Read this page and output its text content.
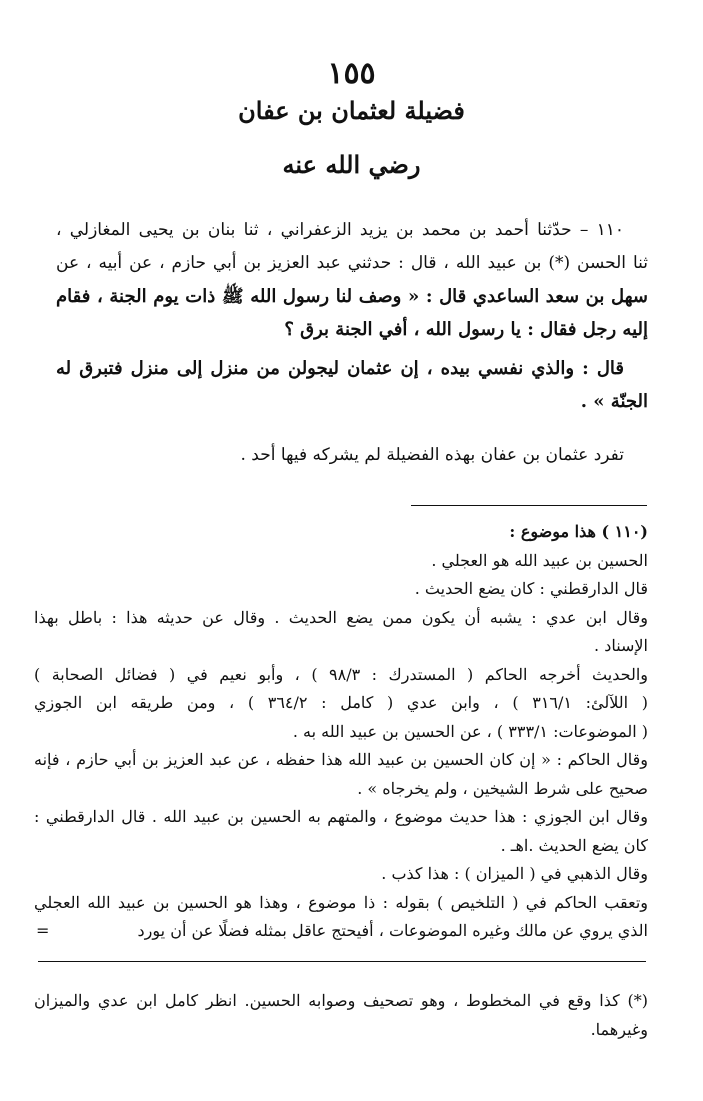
١٥٥
فضيلة لعثمان بن عفان
رضي الله عنه
١١٠ – حدّثنا أحمد بن محمد بن يزيد الزعفراني ، ثنا بنان بن يحيى المغازلي ،
ثنا الحسن (*) بن عبيد الله ، قال : حدثني عبد العزيز بن أبي حازم ، عن أبيه ، عن
سهل بن سعد الساعدي قال : « وصف لنا رسول الله ﷺ ذات يوم الجنة ، فقام
إليه رجل فقال : يا رسول الله ، أفي الجنة برق ؟
قال : والذي نفسي بيده ، إن عثمان ليجولن من منزل إلى منزل فتبرق له
الجنّة » .
تفرد عثمان بن عفان بهذه الفضيلة لم يشركه فيها أحد .
(١١٠ ) هذا موضوع :
الحسين بن عبيد الله هو العجلي .
قال الدارقطني : كان يضع الحديث .
وقال ابن عدي : يشبه أن يكون ممن يضع الحديث . وقال عن حديثه هذا : باطل بهذا
الإسناد .
والحديث أخرجه الحاكم ( المستدرك : ٩٨/٣ ) ، وأبو نعيم في ( فضائل الصحابة )
( اللآلئ: ٣١٦/١ ) ، وابن عدي ( كامل : ٣٦٤/٢ ) ، ومن طريقه ابن الجوزي
( الموضوعات: ٣٣٣/١ ) ، عن الحسين بن عبيد الله به .
وقال الحاكم : « إن كان الحسين بن عبيد الله هذا حفظه ، عن عبد العزيز بن أبي حازم ، فإنه
صحيح على شرط الشيخين ، ولم يخرجاه » .
وقال ابن الجوزي : هذا حديث موضوع ، والمتهم به الحسين بن عبيد الله . قال الدارقطني :
كان يضع الحديث .اهـ .
وقال الذهبي في ( الميزان ) : هذا كذب .
وتعقب الحاكم في ( التلخيص ) بقوله : ذا موضوع ، وهذا هو الحسين بن عبيد الله العجلي
الذي يروي عن مالك وغيره الموضوعات ، أفيحتج عاقل بمثله فضلًا عن أن يورد
=
(*) كذا وقع في المخطوط ، وهو تصحيف وصوابه الحسين. انظر كامل ابن عدي والميزان
وغيرهما.
